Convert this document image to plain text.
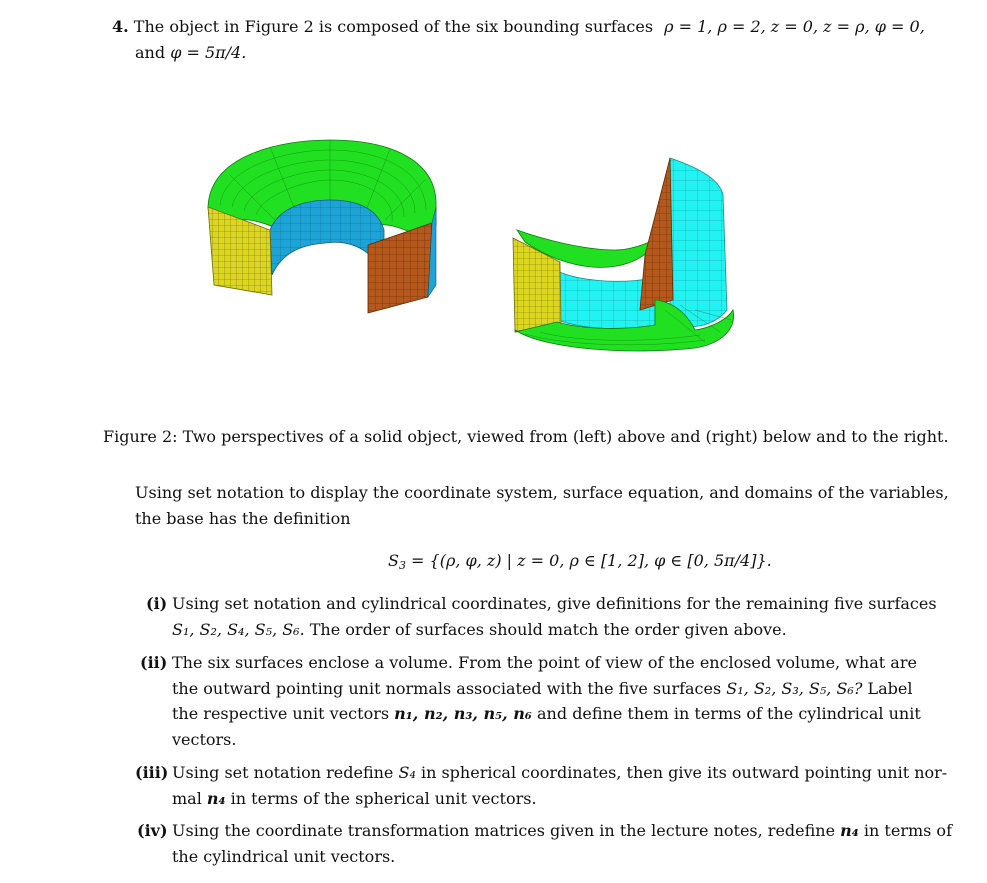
4. The object in Figure 2 is composed of the six bounding surfaces ρ = 1, ρ = 2, z = 0, z = ρ, φ = 0,
and φ = 5π/4.
Figure 2: Two perspectives of a solid object, viewed from (left) above and (right) below and to the right.
Using set notation to display the coordinate system, surface equation, and domains of the variables,
the base has the definition
$S_3 = \{(\rho$, φ, z) | z = 0, ρ ∈ [1, 2], φ ∈ [0, 5π/4]}.
(i) Using set notation and cylindrical coordinates, give definitions for the remaining five surfaces
S₁, S₂, S₄, S₅, S₆. The order of surfaces should match the order given above.
(ii) The six surfaces enclose a volume. From the point of view of the enclosed volume, what are
the outward pointing unit normals associated with the five surfaces S₁, S₂, S₃, S₅, S₆? Label
the respective unit vectors n₁, n₂, n₃, n₅, n₆ and define them in terms of the cylindrical unit
vectors.
(iii) Using set notation redefine S₄ in spherical coordinates, then give its outward pointing unit nor-
mal n₄ in terms of the spherical unit vectors.
(iv) Using the coordinate transformation matrices given in the lecture notes, redefine n₄ in terms of
the cylindrical unit vectors.
